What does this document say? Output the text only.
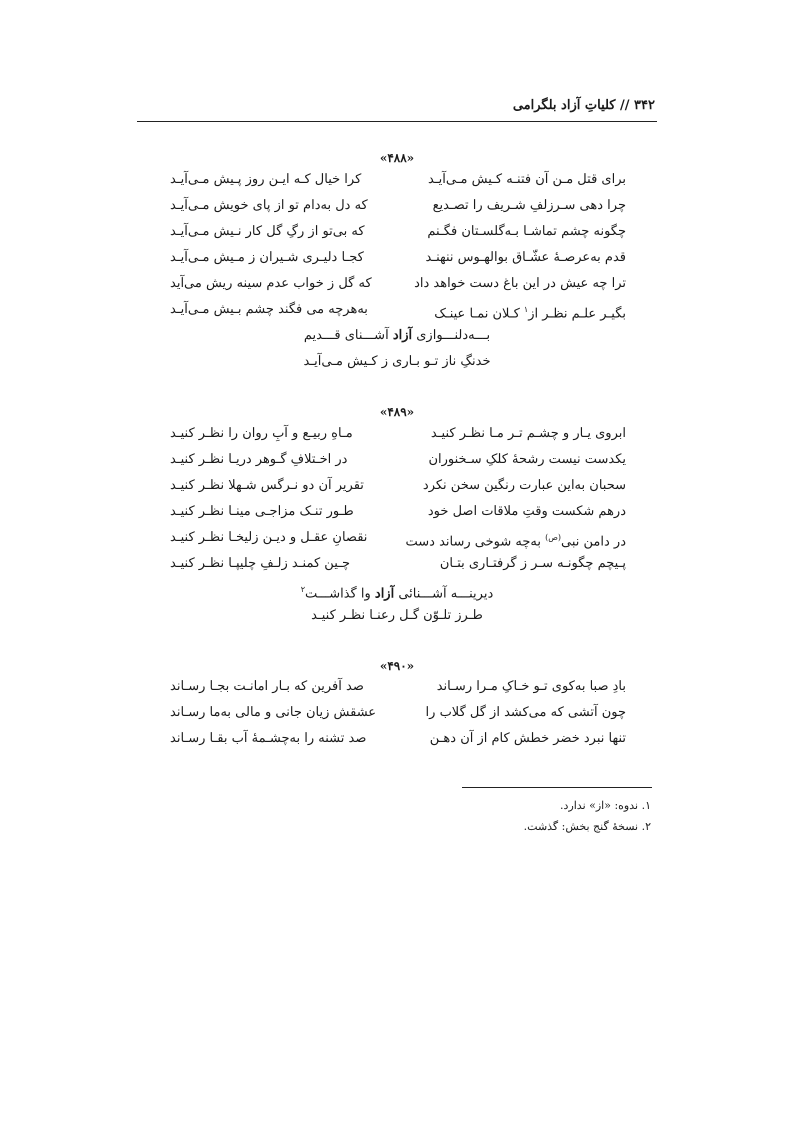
۳۴۲ // کلیاتِ آزاد بلگرامی
«۴۸۸»
برای قتل مـن آن فتنـه کـیش مـی‌آیـد
کرا خیال کـه ایـن روز پـیش مـی‌آیـد
چرا دهی سـرزلفِ شـریف را تصـدیع
که دل به‌دام تو از پای خویش مـی‌آیـد
چگونه چشم تماشـا بـه‌گلسـتان فگـنم
که بی‌تو از رگِ گل کار نـیش مـی‌آیـد
قدم به‌عرصـهٔ عشّـاق بوالهـوس ننهنـد
کجـا دلیـری شـیران ز مـیش مـی‌آیـد
ترا چه عیش در این باغ دست خواهد داد
که گل ز خواب عدم سینه ریش می‌آید
بگیـر علـم نظـر از$^۱$ کـلان نمـا عینـک
به‌هرچه می فگند چشم بـیش مـی‌آیـد
بـــه‌دلنـــوازی آزاد آشـــنای قـــدیم
خدنگِ ناز تـو بـاری ز کـیش مـی‌آیـد
«۴۸۹»
ابروی یـار و چشـم تـر مـا نظـر کنیـد
مـاهِ ربیـع و آبِ روان را نظـر کنیـد
یکدست نیست رشحهٔ کلکِ سـخنوران
در اخـتلافِ گـوهر دریـا نظـر کنیـد
سحبان به‌این عبارت رنگین سخن نکرد
تقریر آن دو نـرگس شـهلا نظـر کنیـد
درهم شکست وقتِ ملاقات اصل خود
طـور تنـک مزاجـی مینـا نظـر کنیـد
در دامن نبی$^{(ص)}$ به‌چه شوخی رساند دست
نقصانِ عقـل و دیـن زلیخـا نظـر کنیـد
پـیچم چگونـه سـر ز گرفتـاری بتـان
چـین کمنـد زلـفِ چلیپـا نظـر کنیـد
دیرینـــه آشـــنائی آزاد وا گذاشـــت$^۲$
طـرز تلـوّن گـل رعنـا نظـر کنیـد
«۴۹۰»
بادِ صبا به‌کوی تـو خـاکِ مـرا رسـاند
صد آفرین که بـار امانـت بجـا رسـاند
چون آتشی که می‌کشد از گل گلاب را
عشقش زیان جانی و مالی به‌ما رسـاند
تنها نبرد خضر خطش کام از آن دهـن
صد تشنه را به‌چشـمهٔ آب بقـا رسـاند
۱. ندوه: «از» ندارد.
۲. نسخهٔ گنج بخش: گذشت.
